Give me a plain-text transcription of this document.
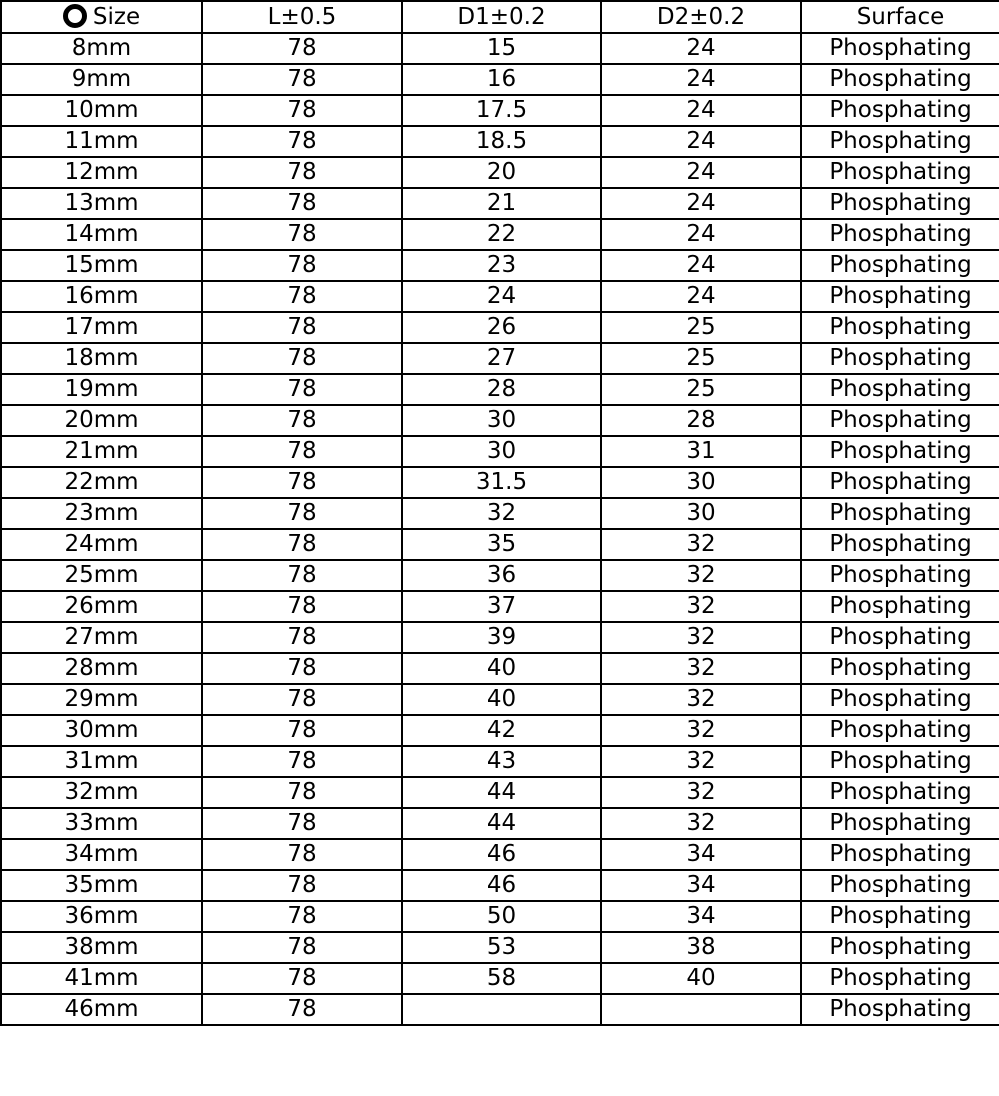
Size	L±0.5	D1±0.2	D2±0.2	Surface
8mm	78	15	24	Phosphating
9mm	78	16	24	Phosphating
10mm	78	17.5	24	Phosphating
11mm	78	18.5	24	Phosphating
12mm	78	20	24	Phosphating
13mm	78	21	24	Phosphating
14mm	78	22	24	Phosphating
15mm	78	23	24	Phosphating
16mm	78	24	24	Phosphating
17mm	78	26	25	Phosphating
18mm	78	27	25	Phosphating
19mm	78	28	25	Phosphating
20mm	78	30	28	Phosphating
21mm	78	30	31	Phosphating
22mm	78	31.5	30	Phosphating
23mm	78	32	30	Phosphating
24mm	78	35	32	Phosphating
25mm	78	36	32	Phosphating
26mm	78	37	32	Phosphating
27mm	78	39	32	Phosphating
28mm	78	40	32	Phosphating
29mm	78	40	32	Phosphating
30mm	78	42	32	Phosphating
31mm	78	43	32	Phosphating
32mm	78	44	32	Phosphating
33mm	78	44	32	Phosphating
34mm	78	46	34	Phosphating
35mm	78	46	34	Phosphating
36mm	78	50	34	Phosphating
38mm	78	53	38	Phosphating
41mm	78	58	40	Phosphating
46mm	78			Phosphating
